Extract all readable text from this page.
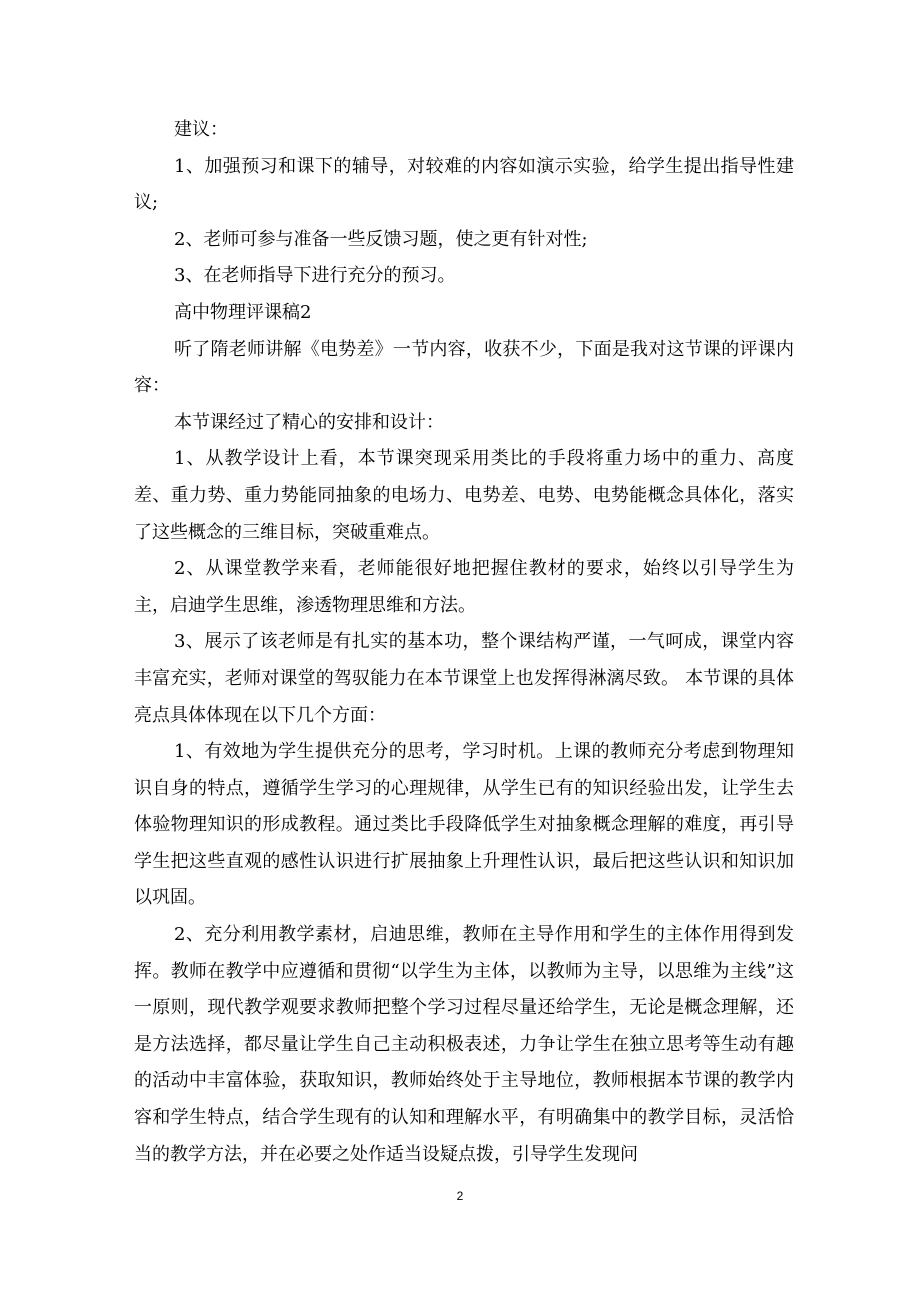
建议：

1、加强预习和课下的辅导，对较难的内容如演示实验，给学生提出指导性建议;

2、老师可参与准备一些反馈习题，使之更有针对性;

3、在老师指导下进行充分的预习。

高中物理评课稿2

听了隋老师讲解《电势差》一节内容，收获不少，下面是我对这节课的评课内容：

本节课经过了精心的安排和设计：

1、从教学设计上看，本节课突现采用类比的手段将重力场中的重力、高度差、重力势、重力势能同抽象的电场力、电势差、电势、电势能概念具体化，落实了这些概念的三维目标，突破重难点。

2、从课堂教学来看，老师能很好地把握住教材的要求，始终以引导学生为主，启迪学生思维，渗透物理思维和方法。

3、展示了该老师是有扎实的基本功，整个课结构严谨，一气呵成，课堂内容丰富充实，老师对课堂的驾驭能力在本节课堂上也发挥得淋漓尽致。 本节课的具体亮点具体体现在以下几个方面：

1、有效地为学生提供充分的思考，学习时机。上课的教师充分考虑到物理知识自身的特点，遵循学生学习的心理规律，从学生已有的知识经验出发，让学生去体验物理知识的形成教程。通过类比手段降低学生对抽象概念理解的难度，再引导学生把这些直观的感性认识进行扩展抽象上升理性认识，最后把这些认识和知识加以巩固。

2、充分利用教学素材，启迪思维，教师在主导作用和学生的主体作用得到发挥。教师在教学中应遵循和贯彻“以学生为主体，以教师为主导，以思维为主线”这一原则，现代教学观要求教师把整个学习过程尽量还给学生，无论是概念理解，还是方法选择，都尽量让学生自己主动积极表述，力争让学生在独立思考等生动有趣的活动中丰富体验，获取知识，教师始终处于主导地位，教师根据本节课的教学内容和学生特点，结合学生现有的认知和理解水平，有明确集中的教学目标，灵活恰当的教学方法，并在必要之处作适当设疑点拨，引导学生发现问

2
